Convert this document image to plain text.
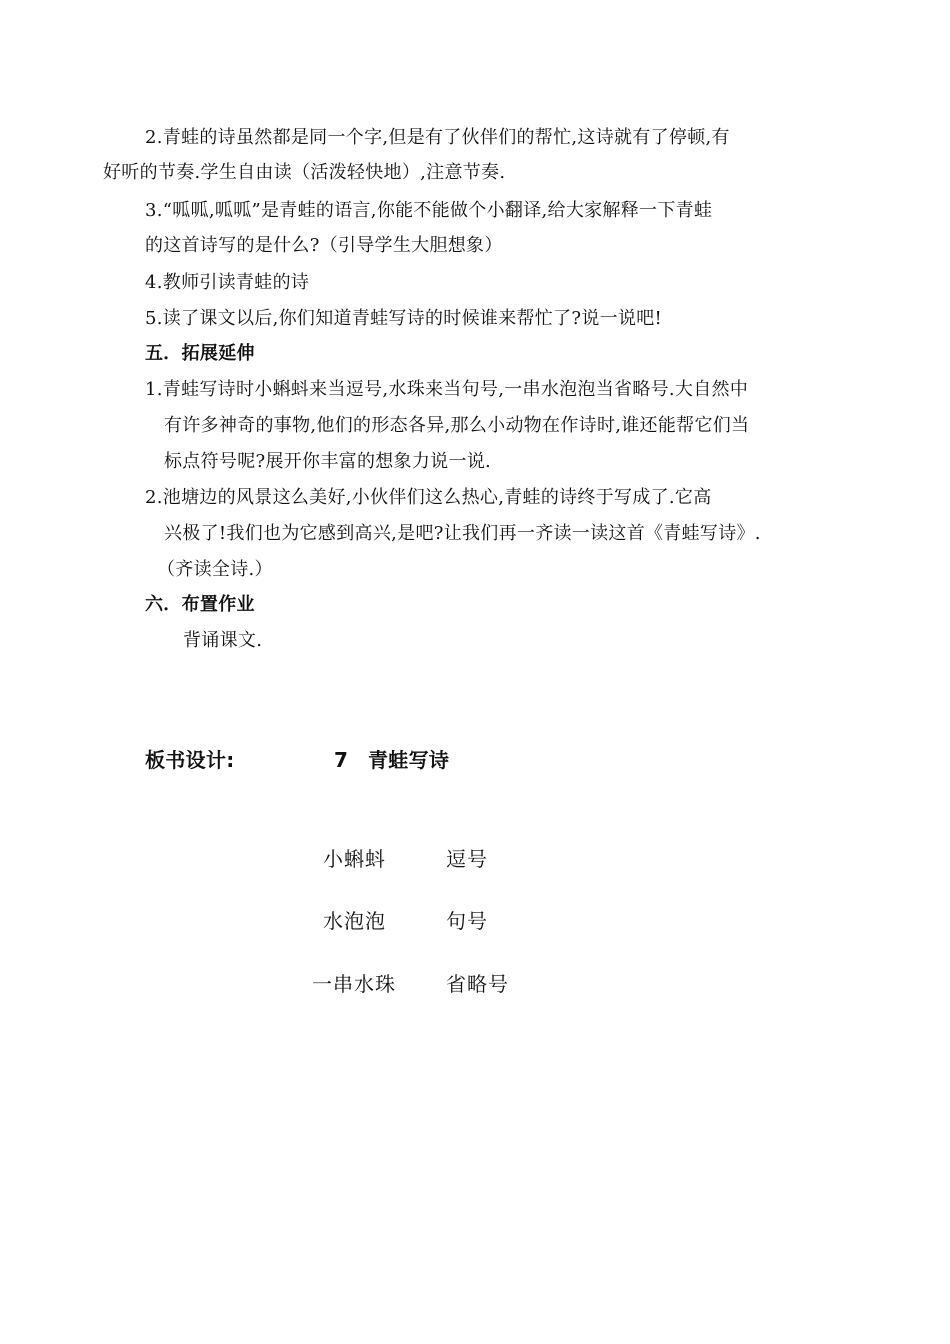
2.青蛙的诗虽然都是同一个字,但是有了伙伴们的帮忙,这诗就有了停顿,有
好听的节奏.学生自由读（活泼轻快地）,注意节奏.
3.“呱呱,呱呱”是青蛙的语言,你能不能做个小翻译,给大家解释一下青蛙
的这首诗写的是什么?（引导学生大胆想象）
4.教师引读青蛙的诗
5.读了课文以后,你们知道青蛙写诗的时候谁来帮忙了?说一说吧!
五．拓展延伸
1.青蛙写诗时小蝌蚪来当逗号,水珠来当句号,一串水泡泡当省略号.大自然中
有许多神奇的事物,他们的形态各异,那么小动物在作诗时,谁还能帮它们当
标点符号呢?展开你丰富的想象力说一说.
2.池塘边的风景这么美好,小伙伴们这么热心,青蛙的诗终于写成了.它高
兴极了!我们也为它感到高兴,是吧?让我们再一齐读一读这首《青蛙写诗》.
（齐读全诗.）
六．布置作业
背诵课文.
板书设计:	7 青蛙写诗
小蝌蚪	逗号
水泡泡	句号
一串水珠	省略号
